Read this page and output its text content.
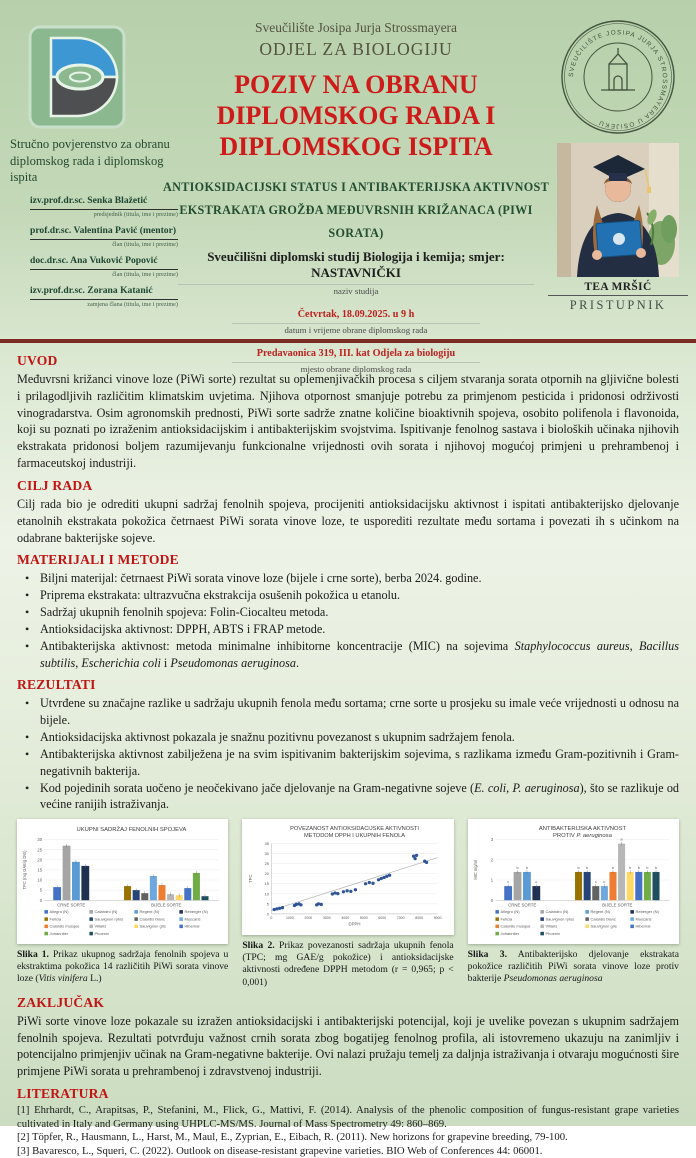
Stručno povjerenstvo za obranu diplomskog rada i diplomskog ispita
izv.prof.dr.sc. Senka Blažetić
predsjednik (titula, ime i prezime)
prof.dr.sc. Valentina Pavić (mentor)
član (titula, ime i prezime)
doc.dr.sc. Ana Vuković Popović
član (titula, ime i prezime)
izv.prof.dr.sc. Zorana Katanić
zamjena člana (titula, ime i prezime)
Sveučilište Josipa Jurja Strossmayera
ODJEL ZA BIOLOGIJU
POZIV NA OBRANU
DIPLOMSKOG RADA I
DIPLOMSKOG ISPITA
ANTIOKSIDACIJSKI STATUS I ANTIBAKTERIJSKA AKTIVNOST
EKSTRAKATA GROŽĐA MEĐUVRSNIH KRIŽANACA (PIWI SORATA)
Sveučilišni diplomski studij Biologija i kemija; smjer: NASTAVNIČKI
naziv studija
Četvrtak, 18.09.2025. u 9 h
datum i vrijeme obrane diplomskog rada
Predavaonica 319, III. kat Odjela za biologiju
mjesto obrane diplomskog rada
SVEUČILIŠTE JOSIPA JURJA STROSSMAYERA U OSIJEKU
TEA MRŠIĆ
PRISTUPNIK
UVOD

Međuvrsni križanci vinove loze (PiWi sorte) rezultat su oplemenjivačkih procesa s ciljem stvaranja sorata otpornih na gljivične bolesti i prilagodljivih različitim klimatskim uvjetima. Njihova otpornost smanjuje potrebu za primjenom pesticida i pridonosi održivosti vinogradarstva. Osim agronomskih prednosti, PiWi sorte sadrže znatne količine bioaktivnih spojeva, osobito polifenola i flavonoida, koji su poznati po izraženim antioksidacijskim i antibakterijskim svojstvima. Ispitivanje fenolnog sastava i bioloških učinaka njihovih ekstrakata pridonosi boljem razumijevanju funkcionalne vrijednosti ovih sorata i njihovoj mogućoj primjeni u prehrambenoj i farmaceutskoj industriji.

CILJ RADA

Cilj rada bio je odrediti ukupni sadržaj fenolnih spojeva, procijeniti antioksidacijsku aktivnost i ispitati antibakterijsko djelovanje etanolnih ekstrakata pokožica četrnaest PiWi sorata vinove loze, te usporediti rezultate među sortama i povezati ih s učinkom na odabrane bakterijske sojeve.

MATERIJALI I METODE
• Biljni materijal: četrnaest PiWi sorata vinove loze (bijele i crne sorte), berba 2024. godine.
• Priprema ekstrakata: ultrazvučna ekstrakcija osušenih pokožica u etanolu.
• Sadržaj ukupnih fenolnih spojeva: Folin-Ciocalteu metoda.
• Antioksidacijska aktivnost: DPPH, ABTS i FRAP metode.
• Antibakterijska aktivnost: metoda minimalne inhibitorne koncentracije (MIC) na sojevima Staphylococcus aureus, Bacillus subtilis, Escherichia coli i Pseudomonas aeruginosa.
REZULTATI
• Utvrđene su značajne razlike u sadržaju ukupnih fenola među sortama; crne sorte u prosjeku su imale veće vrijednosti u odnosu na bijele.
• Antioksidacijska aktivnost pokazala je snažnu pozitivnu povezanost s ukupnim sadržajem fenola.
• Antibakterijska aktivnost zabilježena je na svim ispitivanim bakterijskim sojevima, s razlikama između Gram-pozitivnih i Gram-negativnih bakterija.
• Kod pojedinih sorata uočeno je neočekivano jače djelovanje na Gram-negativne sojeve (E. coli, P. aeruginosa), što se razlikuje od većine ranijih istraživanja.
UKUPNI SADRŽAJ FENOLNIH SPOJEVA
0
5
10
15
20
25
30
TPC (mg GAE/g DW)
CRNE SORTE	BIJELE SORTE
Allegro (N)	Calandro (N)	Regent (N)	Reberger (N)
Felicia	Sauvignon rytos	Calardis blanc	Muscaris
Calardis musque	Villaris	Sauvignon gris	Hibernal
Johanniter	Phoenix
Slika 1. Prikaz ukupnog sadržaja fenolnih spojeva u ekstraktima pokožica 14 različitih PiWi sorata vinove loze (Vitis vinifera L.)
POVEZANOST ANTIOKSIDACIJSKE AKTIVNOSTI
METODOM DPPH I UKUPNIH FENOLA
0
5
10
15
20
25
30
35
0	1000	2000	3000	4000	5000	6000	7000	8000	9000
DPPH
TPC
Slika 2. Prikaz povezanosti sadržaja ukupnih fenola (TPC; mg GAE/g pokožice) i antioksidacijske aktivnosti određene DPPH metodom (r = 0,965; p < 0,001)
ANTIBAKTERIJSKA AKTIVNOST
PROTIV P. aeruginosa
0
1
2
3
MIC mg/ml
c
b b
c
CRNE SORTE
b b
c c
b
a
b b b b
BIJELE SORTE
Allegro (N)	Calandro (N)	Regent (N)	Reberger (N)
Felicia	Sauvignon rytos	Calardis blanc	Muscaris
Calardis musque	Villaris	Sauvignon gris	Hibernal
Johanniter	Phoenix
Slika 3. Antibakterijsko djelovanje ekstrakata pokožice različitih PiWi sorata vinove loze protiv bakterije Pseudomonas aeruginosa
ZAKLJUČAK

PiWi sorte vinove loze pokazale su izražen antioksidacijski i antibakterijski potencijal, koji je uvelike povezan s ukupnim sadržajem fenolnih spojeva. Rezultati potvrđuju važnost crnih sorata zbog bogatijeg fenolnog profila, ali istovremeno ukazuju na zanimljiv i potencijalno primjenjiv učinak na Gram-negativne bakterije. Ovi nalazi pružaju temelj za daljnja istraživanja i otvaraju mogućnosti šire primjene PiWi sorata u prehrambenoj i zdravstvenoj industriji.

LITERATURA
[1] Ehrhardt, C., Arapitsas, P., Stefanini, M., Flick, G., Mattivi, F. (2014). Analysis of the phenolic composition of fungus-resistant grape varieties cultivated in Italy and Germany using UHPLC-MS/MS. Journal of Mass Spectrometry 49: 860–869.
[2] Töpfer, R., Hausmann, L., Harst, M., Maul, E., Zyprian, E., Eibach, R. (2011). New horizons for grapevine breeding, 79-100.
[3] Bavaresco, L., Squeri, C. (2022). Outlook on disease-resistant grapevine varieties. BIO Web of Conferences 44: 06001.
